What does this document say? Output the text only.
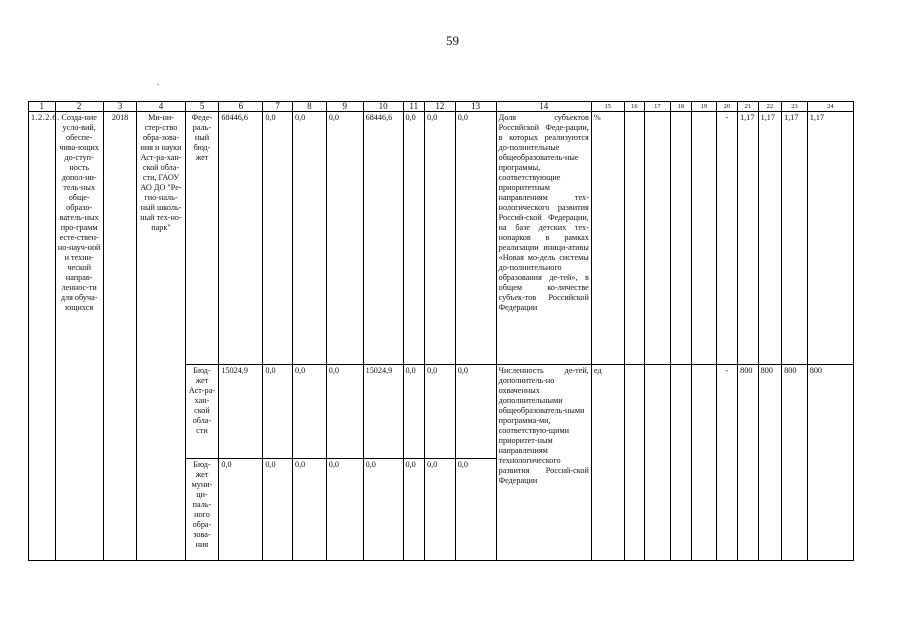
59
.
1	2	3	4	5	6	7	8	9	10	11	12	13	14	15	16	17	18	19	20	21	22	23	24
1.2.2.6.	Созда-ние усло-вий, обеспе-чива-ющих до-ступ-ность допол-ни-тель-ных обще-образо-ватель-ных про-грамм есте-ствен-но-науч-ной и техни-ческой направ-леннос-ти для обуча-ющихся	2018	Ми-ни-стер-ство обра-зова-ния и науки Аст-ра-хан-ской обла-сти, ГАОУ АО ДО "Ре-гио-наль-ный школь-ный тех-но-парк"	Феде-раль-ный бюд-жет	68446,6	0,0	0,0	0,0	68446,6	0,0	0,0	0,0	Доля субъектов Российской Феде-рации, в которых реализуются до-полнительные общеобразователь-ные программы, соответствующие приоритетным направлениям тех-нологического развития Россий-ской Федерации, на базе детских тех-нопарков в рамках реализации иници-ативы «Новая мо-дель системы до-полнительного образования де-тей», в общем ко-личестве субъек-тов Российской Федерации	%					-	1,17	1,17	1,17	1,17
				Бюд-жет Аст-ра-хан-ской обла-сти	15024,9	0,0	0,0	0,0	15024,9	0,0	0,0	0,0	Численность де-тей, дополнитель-но охваченных дополнительными общеобразователь-ными программа-ми, соответствую-щими приоритет-ным направлениям технологического развития Россий-ской Федерации	ед					-	800	800	800	800
				Бюд-жет муни-ци-паль-ного обра-зова-ния	0,0	0,0	0,0	0,0	0,0	0,0	0,0	0,0											
